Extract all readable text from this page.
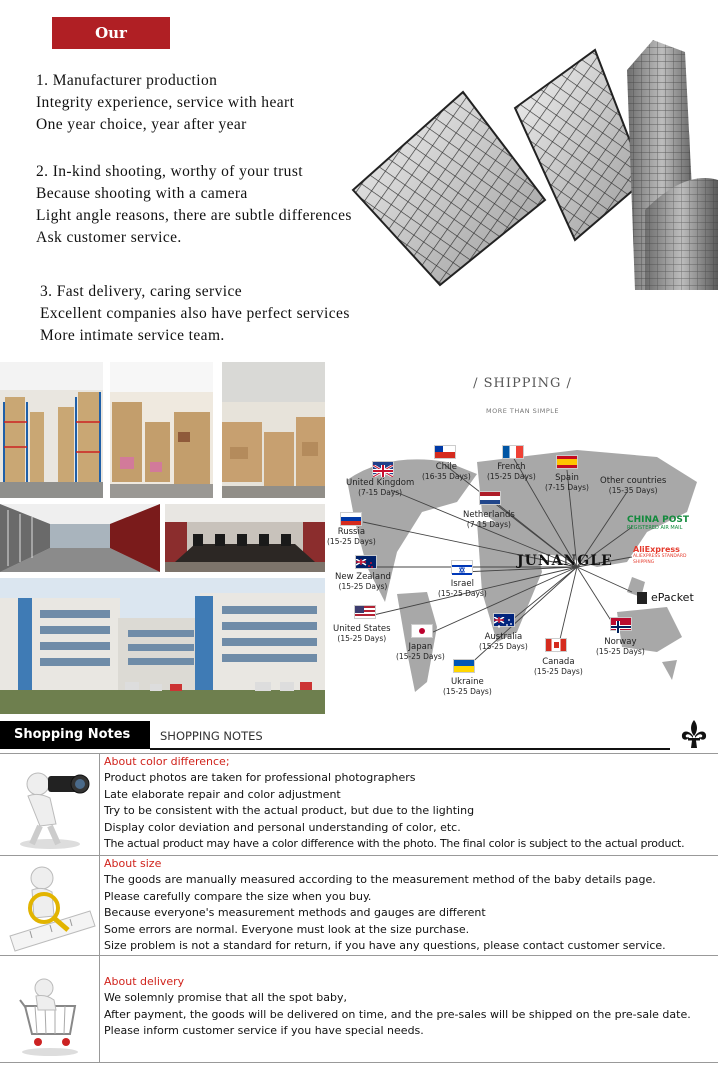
Our advantage
1. Manufacturer production
Integrity experience, service with heart
One year choice, year after year
2. In-kind shooting, worthy of your trust
Because shooting with a camera
Light angle reasons, there are subtle differences
Ask customer service.
3. Fast delivery, caring service
Excellent companies also have perfect services
More intimate service team.
/ SHIPPING /
MORE THAN SIMPLE
United Kingdom
(7-15 Days)
Chile
(16-35 Days)
French
(15-25 Days)	Spain
(7-15 Days)
Other countries
(15-35 Days)
Netherlands
(7-15 Days)
Russia
(15-25 Days)
New Zealand
(15-25 Days)	Israel
(15-25 Days)
United States
(15-25 Days)
Japan
(15-25 Days)
Australia
(15-25 Days)
Canada
(15-25 Days)
Norway
(15-25 Days)
Ukraine
(15-25 Days)
JUNANGLE
CHINA POST
REGISTERED AIR MAIL
AliExpress
ALIEXPRESS STANDARD SHIPPING
ePacket
Shopping Notes	SHOPPING NOTES
About color difference;
Product photos are taken for professional photographers
Late elaborate repair and color adjustment
Try to be consistent with the actual product, but due to the lighting
Display color deviation and personal understanding of color, etc.
The actual product may have a color difference with the photo. The final color is subject to the actual product.
About size
The goods are manually measured according to the measurement method of the baby details page.
Please carefully compare the size when you buy.
Because everyone's measurement methods and gauges are different
Some errors are normal. Everyone must look at the size purchase.
Size problem is not a standard for return, if you have any questions, please contact customer service.
About delivery
We solemnly promise that all the spot baby,
After payment, the goods will be delivered on time, and the pre-sales will be shipped on the pre-sale date.
Please inform customer service if you have special needs.
